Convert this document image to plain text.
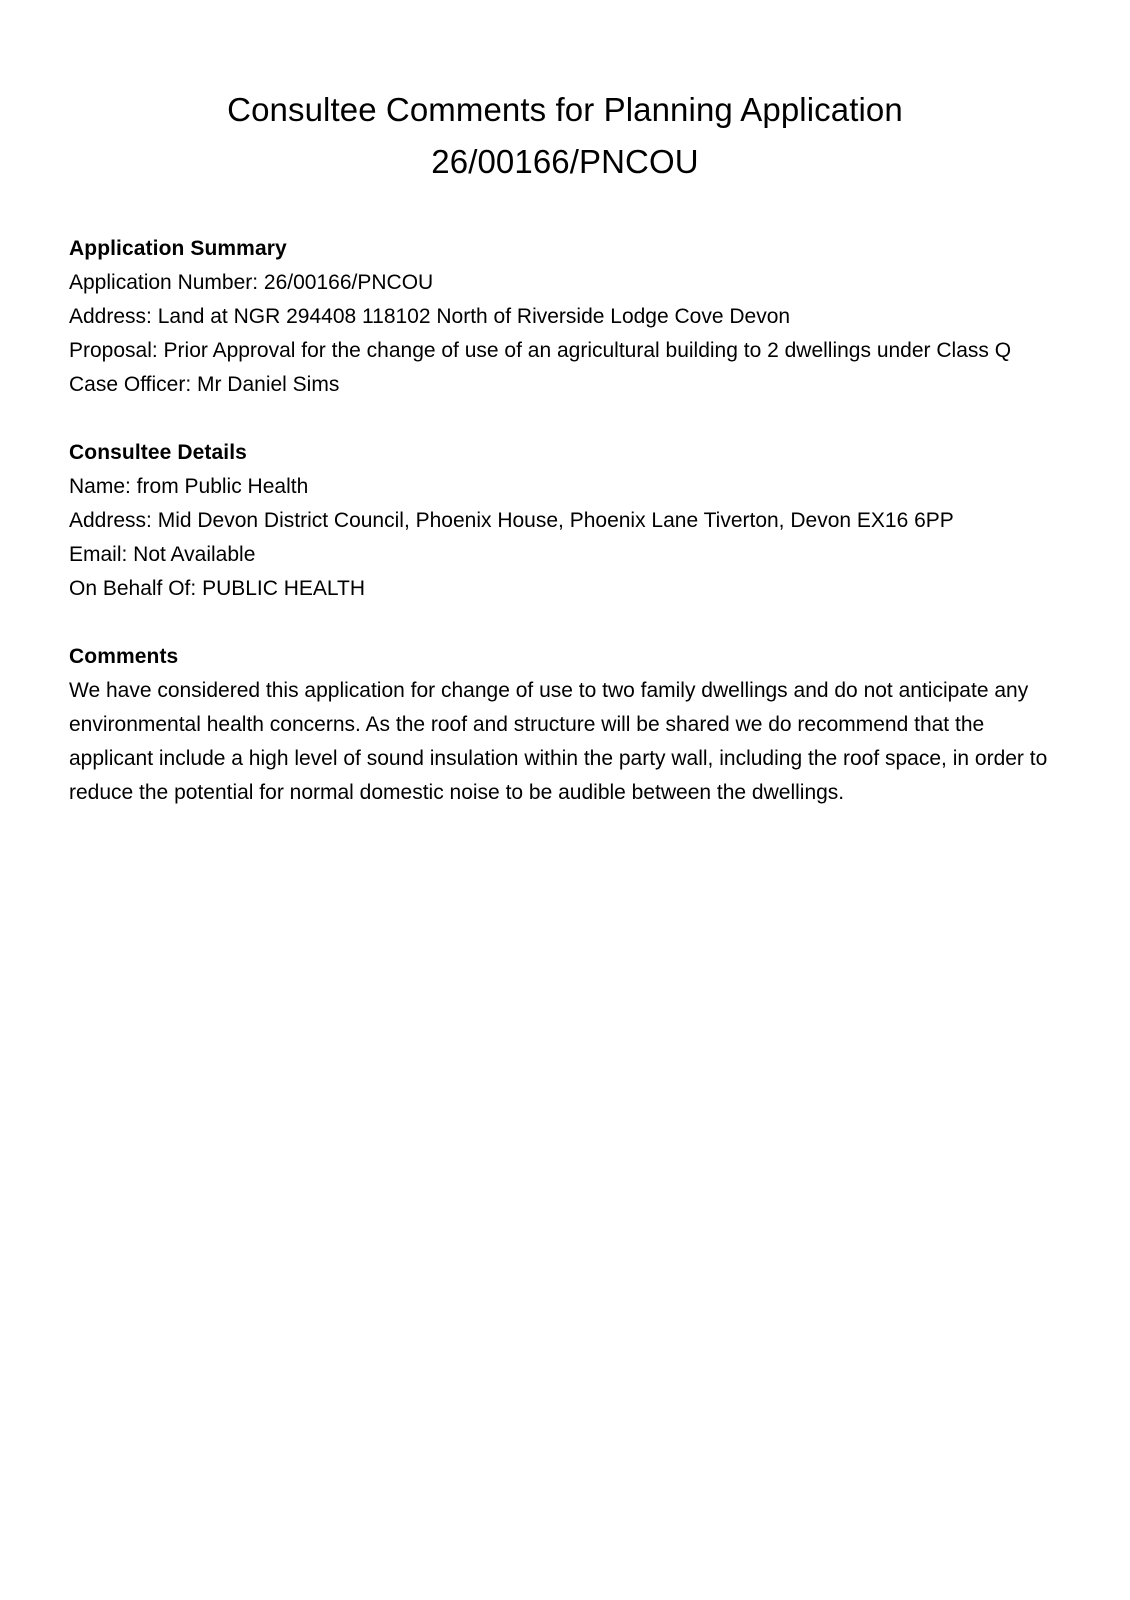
Consultee Comments for Planning Application
26/00166/PNCOU

Application Summary

Application Number: 26/00166/PNCOU

Address: Land at NGR 294408 118102 North of Riverside Lodge Cove Devon

Proposal: Prior Approval for the change of use of an agricultural building to 2 dwellings under Class Q

Case Officer: Mr Daniel Sims

Consultee Details

Name: from Public Health

Address: Mid Devon District Council, Phoenix House, Phoenix Lane Tiverton, Devon EX16 6PP

Email: Not Available

On Behalf Of: PUBLIC HEALTH

Comments

We have considered this application for change of use to two family dwellings and do not anticipate any environmental health concerns. As the roof and structure will be shared we do recommend that the applicant include a high level of sound insulation within the party wall, including the roof space, in order to reduce the potential for normal domestic noise to be audible between the dwellings.
